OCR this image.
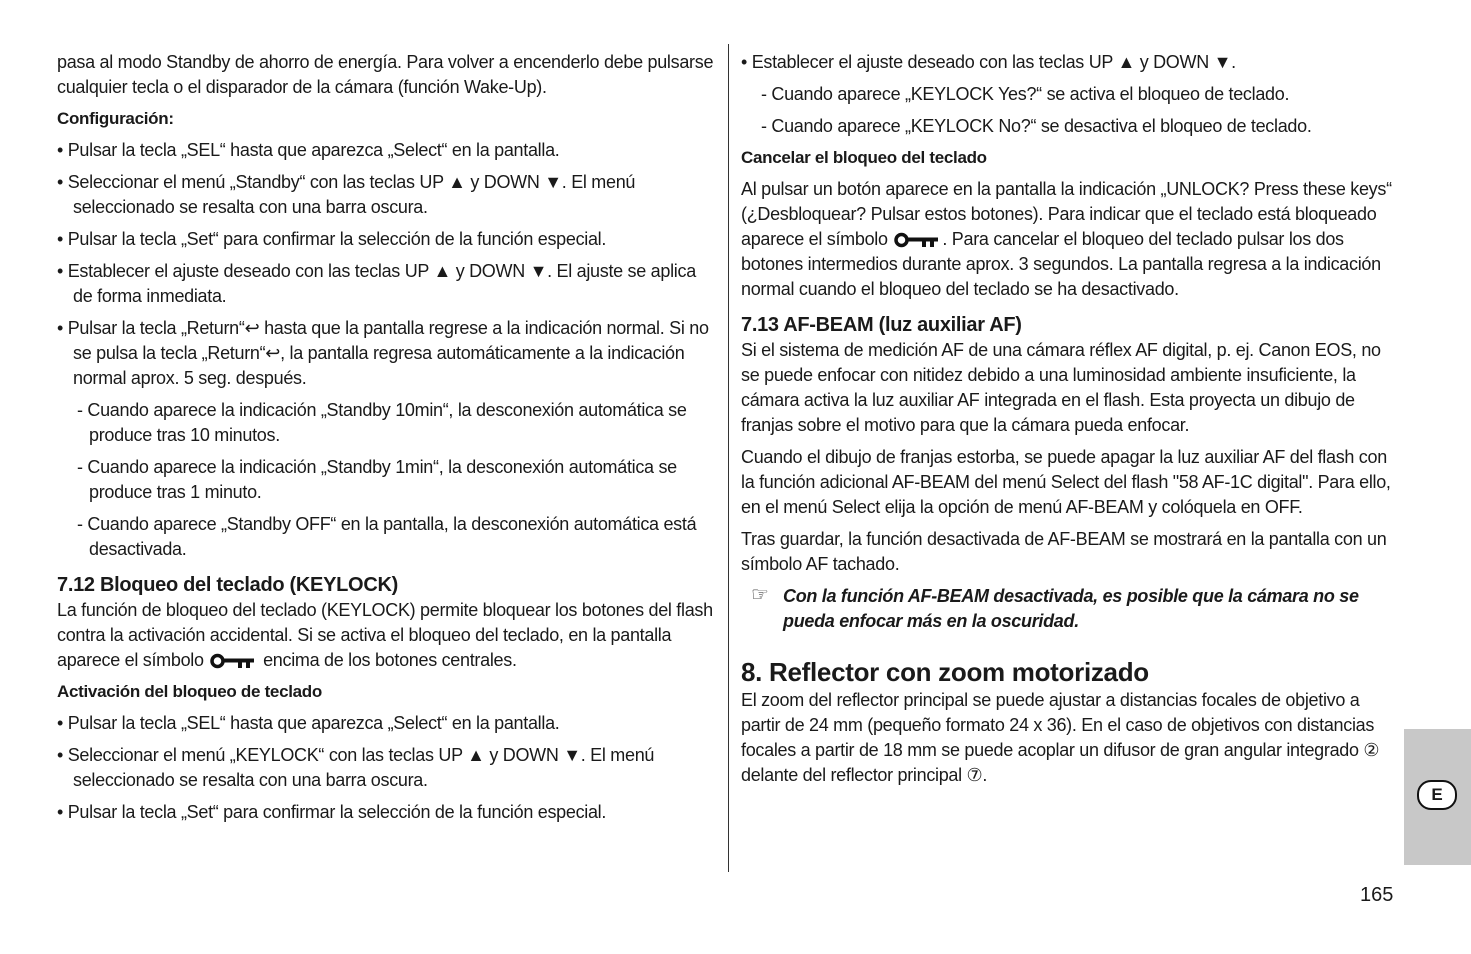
pasa al modo Standby de ahorro de energía. Para volver a encenderlo debe pulsarse cualquier tecla o el disparador de la cámara (función Wake-Up).

Configuración:

• Pulsar la tecla „SEL“ hasta que aparezca „Select“ en la pantalla.

• Seleccionar el menú „Standby“ con las teclas UP ▲ y DOWN ▼. El menú seleccionado se resalta con una barra oscura.

• Pulsar la tecla „Set“ para confirmar la selección de la función especial.

• Establecer el ajuste deseado con las teclas UP ▲ y DOWN ▼. El ajuste se aplica de forma inmediata.

• Pulsar la tecla „Return“↩ hasta que la pantalla regrese a la indicación normal. Si no se pulsa la tecla „Return“↩, la pantalla regresa automáticamente a la indicación normal aprox. 5 seg. después.

- Cuando aparece la indicación „Standby 10min“, la desconexión automática se produce tras 10 minutos.

- Cuando aparece la indicación „Standby 1min“, la desconexión automática se produce tras 1 minuto.

- Cuando aparece „Standby OFF“ en la pantalla, la desconexión automática está desactivada.

7.12 Bloqueo del teclado (KEYLOCK)

La función de bloqueo del teclado (KEYLOCK) permite bloquear los botones del flash contra la activación accidental. Si se activa el bloqueo del teclado, en la pantalla aparece el símbolo	encima de los botones centrales.

Activación del bloqueo de teclado

• Pulsar la tecla „SEL“ hasta que aparezca „Select“ en la pantalla.

• Seleccionar el menú „KEYLOCK“ con las teclas UP ▲ y DOWN ▼. El menú seleccionado se resalta con una barra oscura.

• Pulsar la tecla „Set“ para confirmar la selección de la función especial.

• Establecer el ajuste deseado con las teclas UP ▲ y DOWN ▼.

- Cuando aparece „KEYLOCK Yes?“ se activa el bloqueo de teclado.

- Cuando aparece „KEYLOCK No?“ se desactiva el bloqueo de teclado.

Cancelar el bloqueo del teclado

Al pulsar un botón aparece en la pantalla la indicación „UNLOCK? Press these keys“ (¿Desbloquear? Pulsar estos botones). Para indicar que el teclado está bloqueado aparece el símbolo	. Para cancelar el bloqueo del teclado pulsar los dos botones intermedios durante aprox. 3 segundos. La pantalla regresa a la indicación normal cuando el bloqueo del teclado se ha desactivado.

7.13 AF-BEAM (luz auxiliar AF)

Si el sistema de medición AF de una cámara réflex AF digital, p. ej. Canon EOS, no se puede enfocar con nitidez debido a una luminosidad ambiente insuficiente, la cámara activa la luz auxiliar AF integrada en el flash. Esta proyecta un dibujo de franjas sobre el motivo para que la cámara pueda enfocar.

Cuando el dibujo de franjas estorba, se puede apagar la luz auxiliar AF del flash con la función adicional AF-BEAM del menú Select del flash "58 AF-1C digital". Para ello, en el menú Select elija la opción de menú AF-BEAM y colóquela en OFF.

Tras guardar, la función desactivada de AF-BEAM se mostrará en la pantalla con un símbolo AF tachado.

☞ Con la función AF-BEAM desactivada, es posible que la cámara no se pueda enfocar más en la oscuridad.

8. Reflector con zoom motorizado

El zoom del reflector principal se puede ajustar a distancias focales de objetivo a partir de 24 mm (pequeño formato 24 x 36). En el caso de objetivos con distancias focales a partir de 18 mm se puede acoplar un difusor de gran angular integrado ② delante del reflector principal ⑦.

E
165
